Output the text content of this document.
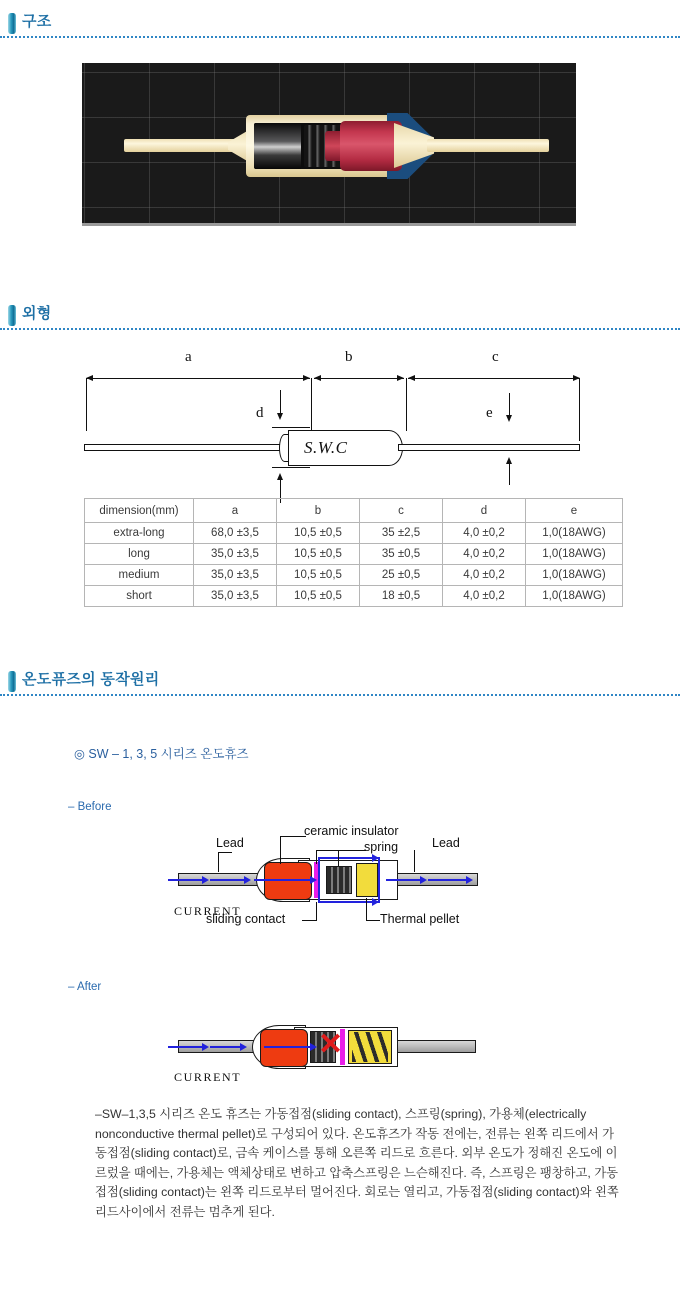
구조
외형
a	b	c
d	e
S.W.C
dimension(mm)	a	b	c	d	e
extra-long	68,0 ±3,5	10,5 ±0,5	35 ±2,5	4,0 ±0,2	1,0(18AWG)
long	35,0 ±3,5	10,5 ±0,5	35 ±0,5	4,0 ±0,2	1,0(18AWG)
medium	35,0 ±3,5	10,5 ±0,5	25 ±0,5	4,0 ±0,2	1,0(18AWG)
short	35,0 ±3,5	10,5 ±0,5	18 ±0,5	4,0 ±0,2	1,0(18AWG)
온도퓨즈의 동작원리
◎ SW – 1, 3, 5 시리즈 온도휴즈
– Before
Lead
ceramic insulator
spring	Lead
CURRENT
sliding contact	Thermal pellet
– After
✕
CURRENT
–SW–1,3,5 시리즈 온도 휴즈는 가동접점(sliding contact), 스프링(spring), 가용체(electrically nonconductive thermal pellet)로 구성되어 있다. 온도휴즈가 작동 전에는, 전류는 왼쪽 리드에서 가동접점(sliding contact)로, 금속 케이스를 통해 오른쪽 리드로 흐른다. 외부 온도가 정해진 온도에 이르렀을 때에는, 가용체는 액체상태로 변하고 압축스프링은 느슨해진다. 즉, 스프링은 팽창하고, 가동접점(sliding contact)는 왼쪽 리드로부터 멀어진다. 회로는 열리고, 가동접점(sliding contact)와 왼쪽 리드사이에서 전류는 멈추게 된다.
